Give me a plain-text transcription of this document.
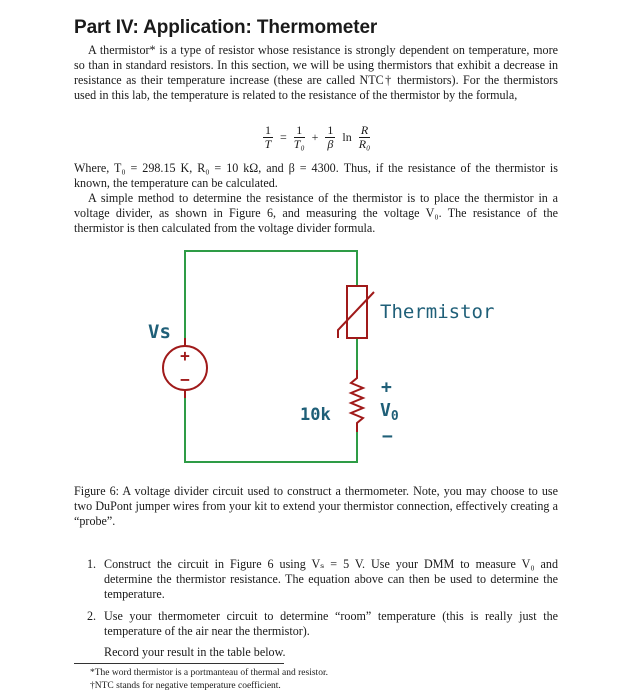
Part IV: Application: Thermometer

A thermistor* is a type of resistor whose resistance is strongly dependent on temperature, more so than in standard resistors. In this section, we will be using thermistors that exhibit a decrease in resistance as their temperature increase (these are called NTC† thermistors). For the thermistors used in this lab, the temperature is related to the resistance of the thermistor by the formula,

$\frac{1}{T} = \frac{1}{\text{T₀}} + \frac{1}{\beta}$ $\ln \frac{R}{\text{R₀}}$

Where, T₀ = 298.15 K, R₀ = 10 kΩ, and β = 4300. Thus, if the resistance of the thermistor is known, the temperature can be calculated.

A simple method to determine the resistance of the thermistor is to place the thermistor in a voltage divider, as shown in Figure 6, and measuring the voltage V₀. The resistance of the thermistor is then calculated from the voltage divider formula.

+
−
Vs
Thermistor
10k
+
$V_0$
−

Figure 6: A voltage divider circuit used to construct a thermometer. Note, you may choose to use two DuPont jumper wires from your kit to extend your thermistor connection, effectively creating a “probe”.

1. Construct the circuit in Figure 6 using Vₛ = 5 V. Use your DMM to measure V₀ and determine the thermistor resistance. The equation above can then be used to determine the temperature.
2. Use your thermometer circuit to determine “room” temperature (this is really just the temperature of the air near the thermistor).
Record your result in the table below.
*The word thermistor is a portmanteau of thermal and resistor.
†NTC stands for negative temperature coefficient.
